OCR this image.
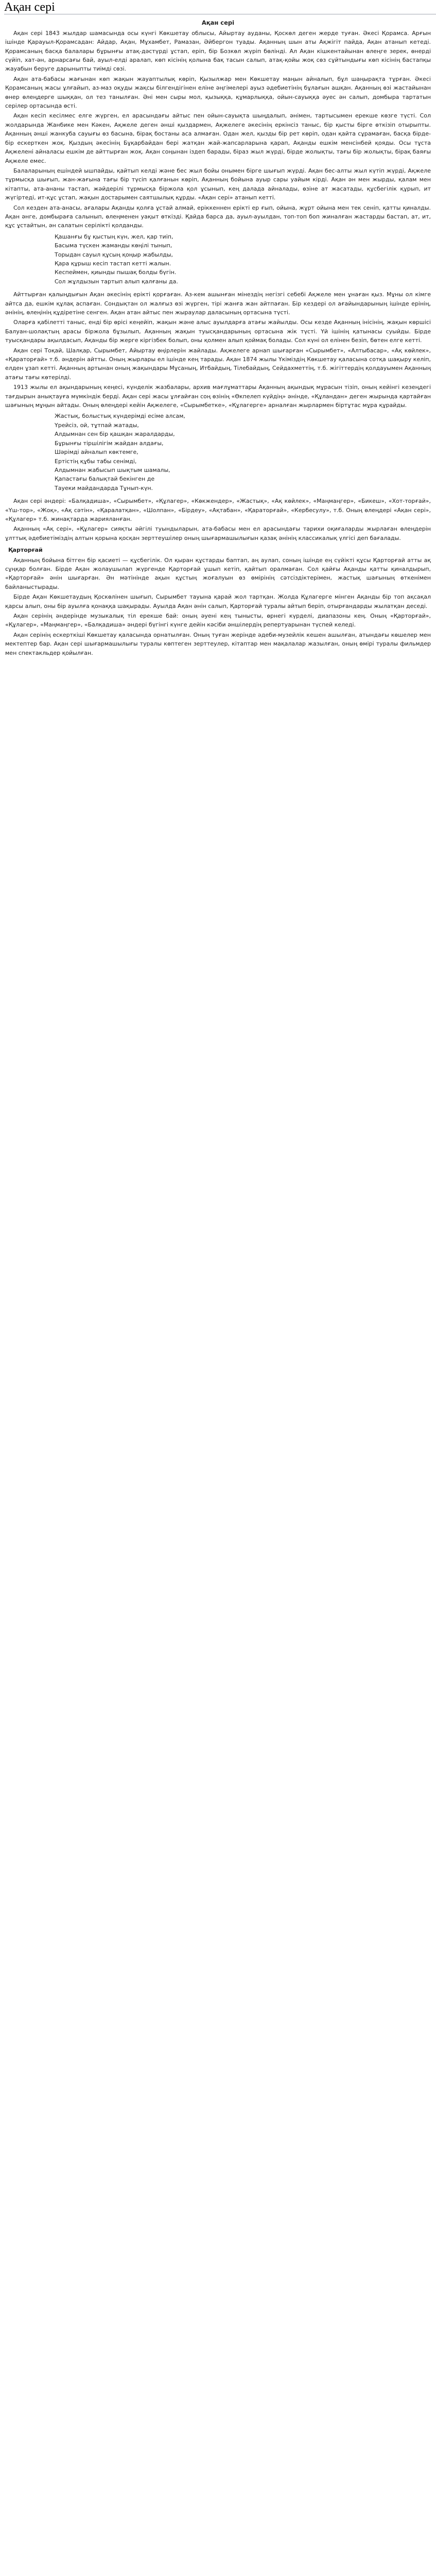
Ақан сері
Ақан сері

Ақан сері 1843 жылдар шамасында осы күнгі Көкшетау облысы, Айыртау ауданы, Қоскөл деген жерде туған. Әкесі Қорамса. Арғын ішінде Қарауыл-Қорамсадан: Айдар, Ақан, Мұхамбет, Рамазан, Әйбергон туады. Ақанның шын аты Ақжігіт пайда, Ақан атанып кетеді. Қорамсаның басқа балалары бұрынғы атақ-дәстүрді ұстап, еріп, бір Бозкөл жүріп бөлінді. Ал Ақан кішкентайынан өлеңге зерек, өнерді сүйіп, хат-ән, арнарсағы бай, ауыл-елді аралап, көп кісінің қолына бақ тасын салып, атақ-қойы жоқ сөз сұйтындығы көп кісінің бастапқы жауабын беруге дарыныпты тиімді сөзі.

Ақан ата-бабасы жағынан көп жақын жауаптылық көріп, Қызылжар мен Көкшетау маңын айналып, бұл шаңырақта тұрған. Әкесі Қорамсаның жасы ұлғайып, аз-маз оқуды жақсы білгендігінен еліне әңгімелері ауыз әдебиетінің бұлағын ашқан. Ақанның өзі жастайынан өнер өлеңдерге шыққан, ол тез танылған. Әні мен сыры мол, қызыққа, құмарлыққа, ойын-сауыққа әуес ән салып, домбыра тартатын серілер ортасында өсті.

Ақан кесіп кесілмес елге жүрген, ел арасындағы айтыс пен ойын-сауықта шыңдалып, әнімен, тартысымен ерекше көзге түсті. Сол жолдарында Жанбике мен Кәкен, Ақжеле деген әнші қыздармен, Ақжелеге әкесінің еркінсіз таныс, бір қысты бірге өткізіп отырыпты. Ақанның әнші жанкуба сауығы өз басына, бірақ бостаны аса алмаған. Одан жел, қызды бір рет көріп, одан қайта сұрамаған, басқа бірде-бір ескерткен жоқ. Қыздың әкесінің Бұқарбайдан бері жатқан жай-жапсарларына қарап, Ақанды ешкім менсінбей қояды. Осы тұста Ақжелені айналасы ешкім де айттырған жоқ. Ақан соңынан іздеп барады, біраз жыл жүрді, бірде жолықты, тағы бір жолықты, бірақ баяғы Ақжеле емес.

Балаларының ешіндей ышпайды, қайтып келді және бес жыл бойы онымен бірге шығып жүрді. Ақан бес-алты жыл күтіп жүрді, Ақжеле тұрмысқа шығып, жан-жағына тағы бір түсіп қалғанын көріп, Ақанның бойына ауыр сары уайым кірді. Ақан ән мен жырды, қалам мен кітапты, ата-ананы тастап, жәйдерілі тұрмысқа біржола қол ұсынып, кең далада айналады, өзіне ат жасатады, құсбегілік құрып, ит жүгіртеді, ит-құс ұстап, жақын достарымен саятшылық құрды. «Ақан сері» атанып кетті.

Сол кезден ата-анасы, ағалары Ақанды қолға ұстай алмай, еріккеннен ерікті ер ғып, ойына, жұрт ойына мен тек сеніп, қатты қиналды. Ақан әнге, домбыраға салынып, өлеңменен уақыт өткізді. Қайда барса да, ауыл-ауылдан, топ-топ боп жиналған жастарды бастап, ат, ит, құс ұстайтын, ән салатын серілікті қолданды.

Қашанғы бұ қыстың күн, жел, қар тиіп,
Басыма түскен жаманды көңілі тынып,
Торыдан сауыл құсың қоңыр жабылды,
Қара құрыш кесіп тастап кетті жалын.
Кеспеймен, қиынды пышақ болды бүгін.
Сол жұлдызын тартып алып қалғаны да.

Айттырған қалыңдығын Ақан әкесінің ерікті қорғаған. Аз-кем ашынған мінездің негізгі себебі Ақжеле мен ұнаған қыз. Мұны ол кімге айтса да, ешкім құлақ аспаған. Сондықтан ол жалғыз өзі жүрген, тірі жанға жан айтпаған. Бір кездері ол ағайындарының ішінде ерінің, әнінің, өлеңінің құдіретіне сенген. Ақан атан айтыс пен жыраулар даласының ортасына түсті.

Оларға қабілетті таныс, енді бір өрісі кеңейіп, жақын және алыс ауылдарға атағы жайылды. Осы кезде Ақанның інісінің, жақын көршісі Балуан-шолақтың арасы біржола бұзылып, Ақанның жақын туысқандарының ортасына жік түсті. Үй ішінің қатынасы суыйды. Бірде туысқандары ақылдасып, Ақанды бір жерге кіргізбек болып, оны қолмен алып қоймақ болады. Сол күні ол елінен безіп, бөтен елге кетті.

Ақан сері Тоқай, Шалқар, Сырымбет, Айыртау өңірлерін жайлады. Ақжелеге арнап шығарған «Сырымбет», «Алтыбасар», «Ақ көйлек», «Қараторғай» т.б. әндерін айтты. Оның жырлары ел ішінде кең тарады. Ақан 1874 жылы Үкіміздің Көкшетау қаласына сотқа шақыру келіп, елден ұзап кетті. Ақанның артынан оның жақындары Мұсаның, Итбайдың, Тілебайдың, Сейдахметтің, т.б. жігіттердің қолдауымен Ақанның атағы тағы көтерілді.

1913 жылы ел ақындарының кеңесі, күнделік жазбалары, архив мағлұматтары Ақанның ақындық мұрасын тізіп, оның кейінгі кезеңдегі тағдырын анықтауға мүмкіндік берді. Ақан сері жасы ұлғайған соң өзінің «Өкпелеп күйдің» әнінде, «Құландан» деген жырында қартайған шағының мұңын айтады. Оның өлеңдері кейін Ақжелеге, «Сырымбетке», «Құлагерге» арналған жырлармен біртұтас мұра құрайды.

Жастық, болыстық күндерімді есіме алсам,
Үрейсіз, ой, тұтпай жатады,
Алдымнан сен бір қашқан жаралдарды,
Бұрынғы тіршілігім жайдан алдағы,
Шәрімді айналып көктемге,
Ертістің құбы табы сенімді,
Алдымнан жабысып шықтым шамалы,
Қапастағы балықтай бекінген де
Тауеки майдандарда Тұнып-күн.

Ақан сері әндері: «Балқадиша», «Сырымбет», «Құлагер», «Көкжендер», «Жастық», «Ақ көйлек», «Маңмаңгер», «Бикеш», «Хот-торғай», «Үш-тор», «Жоқ», «Ақ сәтін», «Қаралатқан», «Шолпан», «Бірдеу», «Ақтабан», «Қараторғай», «Кербесулу», т.б. Оның өлеңдері «Ақан сері», «Құлагер» т.б. жинақтарда жарияланған.

Ақанның «Ақ сері», «Құлагер» сияқты әйгілі туындыларын, ата-бабасы мен ел арасындағы тарихи оқиғаларды жырлаған өлеңдерін ұлттық әдебиетіміздің алтын қорына қосқан зерттеушілер оның шығармашылығын қазақ әнінің классикалық үлгісі деп бағалады.

Қарторғай

Ақанның бойына бітген бір қасиеті — құсбегілік. Ол қыран құстарды баптап, аң аулап, соның ішінде ең сүйікті құсы Қарторғай атты ақ сұңқар болған. Бірде Ақан жолаушылап жүргенде Қарторғай ұшып кетіп, қайтып оралмаған. Сол қайғы Ақанды қатты қиналдырып, «Қарторғай» әнін шығарған. Ән мәтінінде ақын құстың жоғалуын өз өмірінің сәтсіздіктерімен, жастық шағының өткенімен байланыстырады.

Бірде Ақан Көкшетаудың Қоскөлінен шығып, Сырымбет тауына қарай жол тартқан. Жолда Құлагерге мінген Ақанды бір топ ақсақал қарсы алып, оны бір ауылға қонаққа шақырады. Ауылда Ақан әнін салып, Қарторғай туралы айтып беріп, отырғандарды жылатқан деседі.

Ақан серінің әндерінде музыкалық тіл ерекше бай: оның әуені кең тынысты, өрнегі күрделі, диапазоны кең. Оның «Қарторғай», «Құлагер», «Маңмаңгер», «Балқадиша» әндері бүгінгі күнге дейін кәсіби әншілердің репертуарынан түспей келеді.

Ақан серінің ескерткіші Көкшетау қаласында орнатылған. Оның туған жерінде әдеби-музейлік кешен ашылған, атындағы көшелер мен мектептер бар. Ақан сері шығармашылығы туралы көптеген зерттеулер, кітаптар мен мақалалар жазылған, оның өмірі туралы фильмдер мен спектакльдер қойылған.
